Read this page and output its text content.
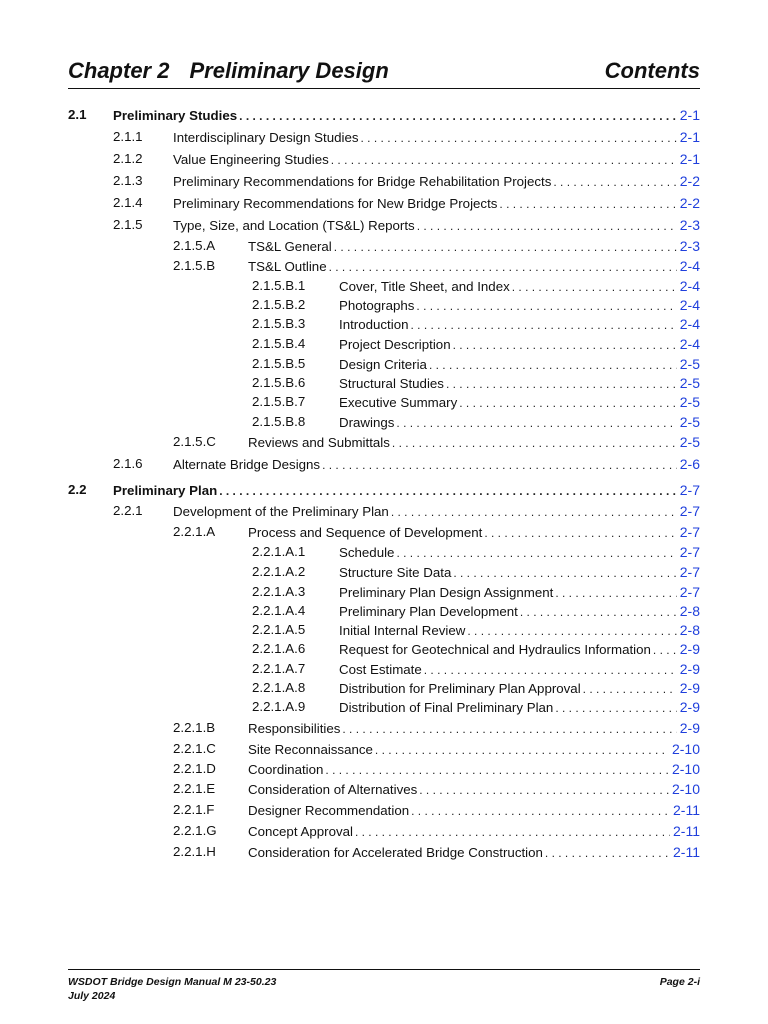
Chapter 2 Preliminary Design	Contents
2.1 Preliminary Studies . . .	2-1
2.1.1 Interdisciplinary Design Studies . . .	2-1
2.1.2 Value Engineering Studies . . .	2-1
2.1.3 Preliminary Recommendations for Bridge Rehabilitation Projects . . .	2-2
2.1.4 Preliminary Recommendations for New Bridge Projects . . .	2-2
2.1.5 Type, Size, and Location (TS&L) Reports . . .	2-3
2.1.5.A TS&L General . . .	2-3
2.1.5.B TS&L Outline . . .	2-4
2.1.5.B.1	Cover, Title Sheet, and Index . . .	2-4
2.1.5.B.2	Photographs . . .	2-4
2.1.5.B.3	Introduction . . .	2-4
2.1.5.B.4	Project Description . . .	2-4
2.1.5.B.5	Design Criteria . . .	2-5
2.1.5.B.6	Structural Studies . . .	2-5
2.1.5.B.7	Executive Summary . . .	2-5
2.1.5.B.8	Drawings . . .	2-5
2.1.5.C Reviews and Submittals . . .	2-5
2.1.6 Alternate Bridge Designs . . .	2-6
2.2 Preliminary Plan . . .	2-7
2.2.1 Development of the Preliminary Plan . . .	2-7
2.2.1.A Process and Sequence of Development . . .	2-7
2.2.1.A.1	Schedule . . .	2-7
2.2.1.A.2	Structure Site Data . . .	2-7
2.2.1.A.3	Preliminary Plan Design Assignment . . .	2-7
2.2.1.A.4	Preliminary Plan Development . . .	2-8
2.2.1.A.5	Initial Internal Review . . .	2-8
2.2.1.A.6	Request for Geotechnical and Hydraulics Information . . . 2-9
2.2.1.A.7	Cost Estimate . . .	2-9
2.2.1.A.8	Distribution for Preliminary Plan Approval . . .	2-9
2.2.1.A.9	Distribution of Final Preliminary Plan . . .	2-9
2.2.1.B Responsibilities . . .	2-9
2.2.1.C Site Reconnaissance . . .	2-10
2.2.1.D Coordination . . .	2-10
2.2.1.E Consideration of Alternatives . . .	2-10
2.2.1.F	Designer Recommendation . . .	2-11
2.2.1.G Concept Approval . . .	2-11
2.2.1.H Consideration for Accelerated Bridge Construction . . .	2-11
WSDOT Bridge Design Manual M 23-50.23
July 2024
Page 2-i
